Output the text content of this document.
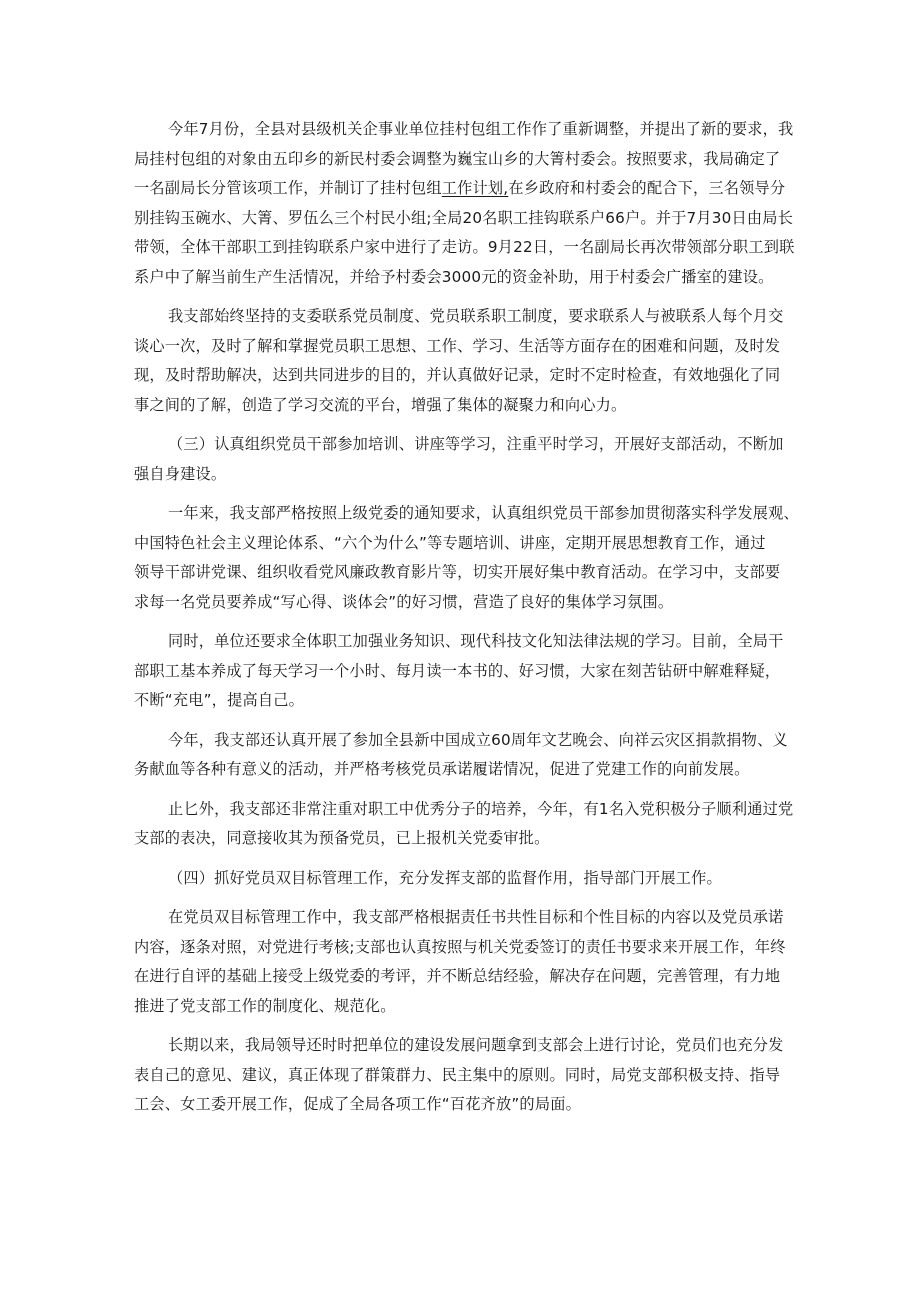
今年7月份，全县对县级机关企事业单位挂村包组工作作了重新调整，并提出了新的要求，我
局挂村包组的对象由五印乡的新民村委会调整为巍宝山乡的大箐村委会。按照要求，我局确定了
一名副局长分管该项工作，并制订了挂村包组工作计划,在乡政府和村委会的配合下，三名领导分
别挂钩玉碗水、大箐、罗伍么三个村民小组;全局20名职工挂钩联系户66户。并于7月30日由局长
带领，全体干部职工到挂钩联系户家中进行了走访。9月22日，一名副局长再次带领部分职工到联
系户中了解当前生产生活情况，并给予村委会3000元的资金补助，用于村委会广播室的建设。

我支部始终坚持的支委联系党员制度、党员联系职工制度，要求联系人与被联系人每个月交
谈心一次，及时了解和掌握党员职工思想、工作、学习、生活等方面存在的困难和问题，及时发
现，及时帮助解决，达到共同进步的目的，并认真做好记录，定时不定时检查，有效地强化了同
事之间的了解，创造了学习交流的平台，增强了集体的凝聚力和向心力。

（三）认真组织党员干部参加培训、讲座等学习，注重平时学习，开展好支部活动，不断加
强自身建设。

一年来，我支部严格按照上级党委的通知要求，认真组织党员干部参加贯彻落实科学发展观、
中国特色社会主义理论体系、“六个为什么”等专题培训、讲座，定期开展思想教育工作，通过
领导干部讲党课、组织收看党风廉政教育影片等，切实开展好集中教育活动。在学习中，支部要
求每一名党员要养成“写心得、谈体会”的好习惯，营造了良好的集体学习氛围。

同时，单位还要求全体职工加强业务知识、现代科技文化知法律法规的学习。目前，全局干
部职工基本养成了每天学习一个小时、每月读一本书的、好习惯，大家在刻苦钻研中解难释疑，
不断“充电”，提高自己。

今年，我支部还认真开展了参加全县新中国成立60周年文艺晚会、向祥云灾区捐款捐物、义
务献血等各种有意义的活动，并严格考核党员承诺履诺情况，促进了党建工作的向前发展。

止匕外，我支部还非常注重对职工中优秀分子的培养，今年，有1名入党积极分子顺利通过党
支部的表决，同意接收其为预备党员，已上报机关党委审批。

（四）抓好党员双目标管理工作，充分发挥支部的监督作用，指导部门开展工作。

在党员双目标管理工作中，我支部严格根据责任书共性目标和个性目标的内容以及党员承诺
内容，逐条对照，对党进行考核;支部也认真按照与机关党委签订的责任书要求来开展工作，年终
在进行自评的基础上接受上级党委的考评，并不断总结经验，解决存在问题，完善管理，有力地
推进了党支部工作的制度化、规范化。

长期以来，我局领导还时时把单位的建设发展问题拿到支部会上进行讨论，党员们也充分发
表自己的意见、建议，真正体现了群策群力、民主集中的原则。同时，局党支部积极支持、指导
工会、女工委开展工作，促成了全局各项工作“百花齐放”的局面。
